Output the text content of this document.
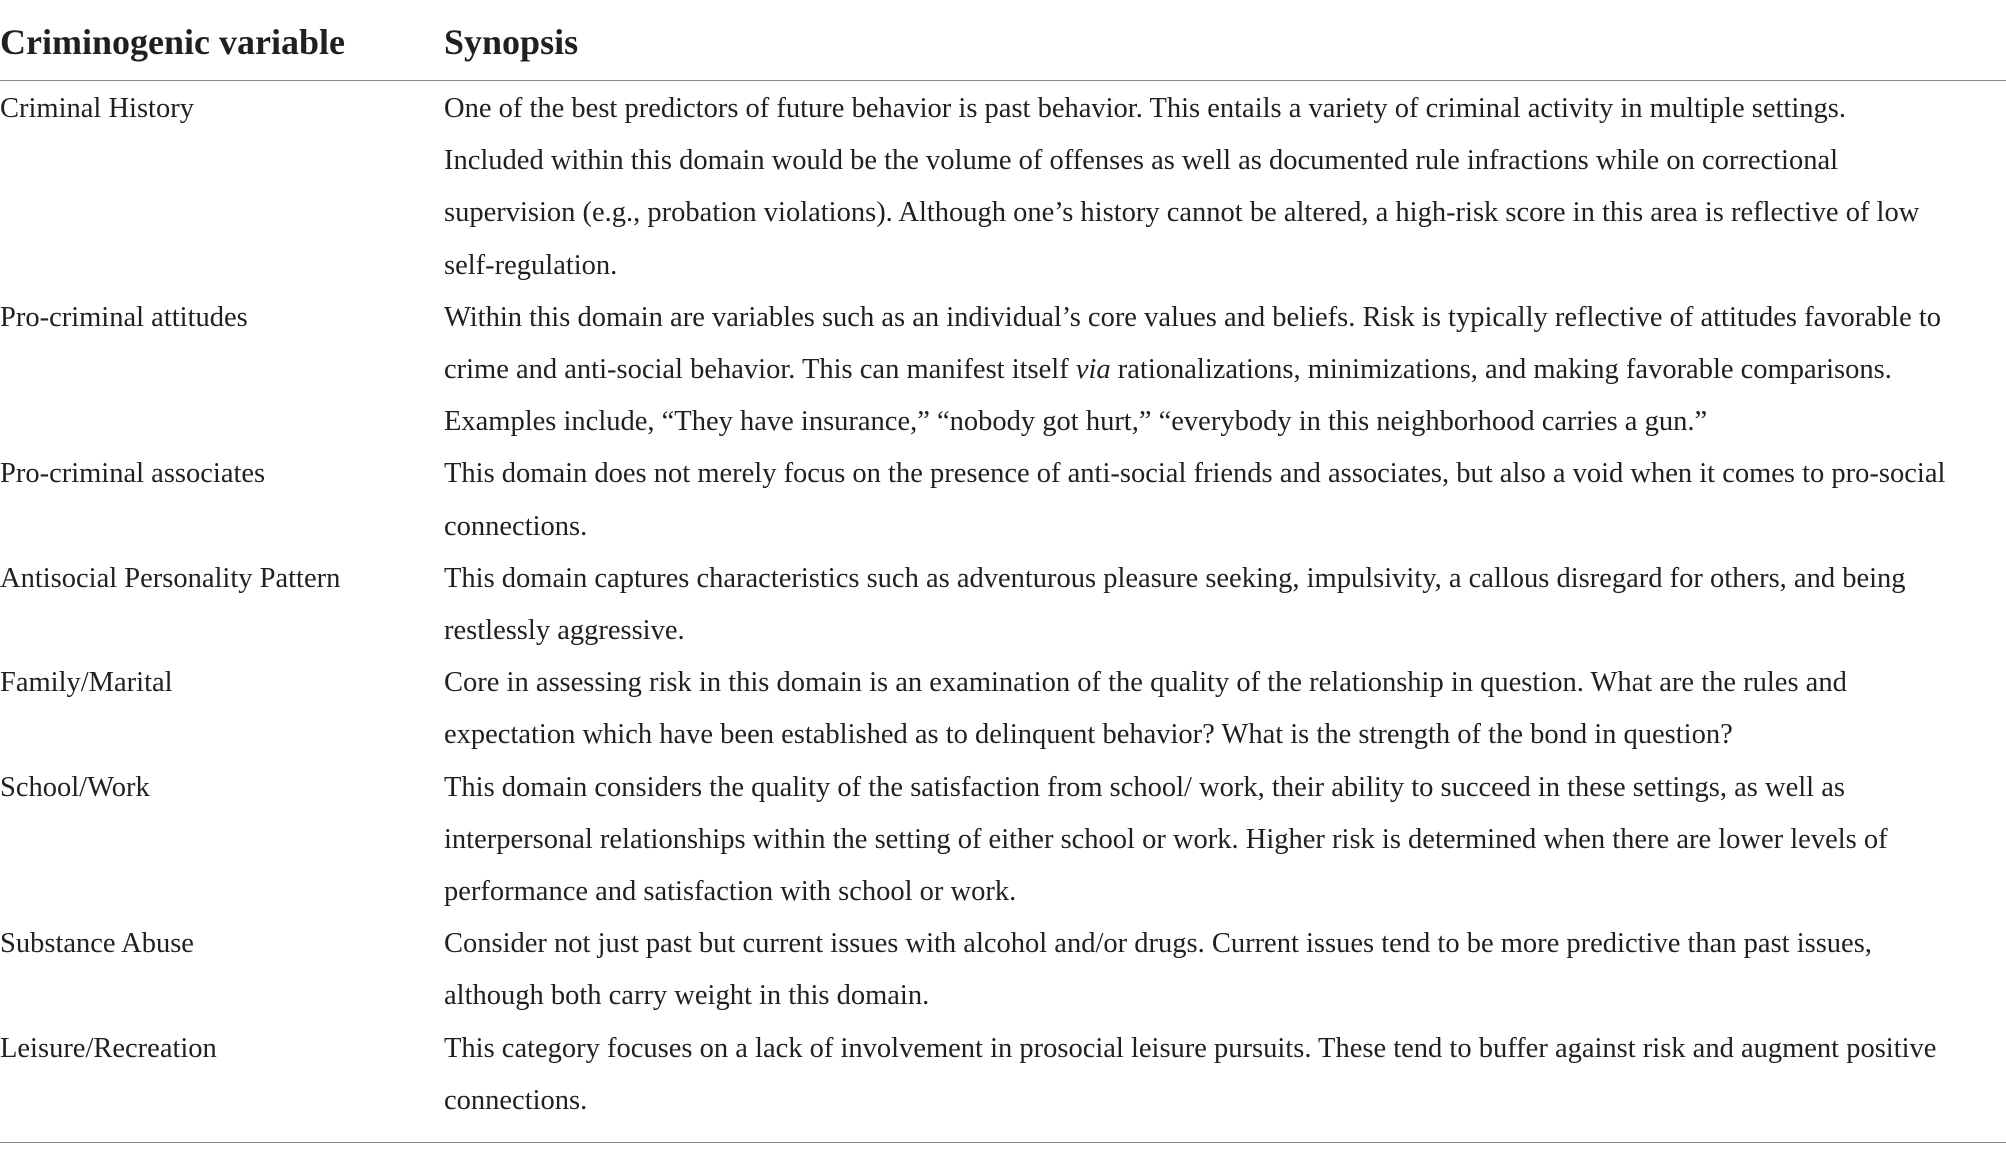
Criminogenic variable	Synopsis
Criminal History	One of the best predictors of future behavior is past behavior. This entails a variety of criminal activity in multiple settings. Included within this domain would be the volume of offenses as well as documented rule infractions while on correctional supervision (e.g., probation violations). Although one’s history cannot be altered, a high-risk score in this area is reflective of low self-regulation.

Pro-criminal attitudes	Within this domain are variables such as an individual’s core values and beliefs. Risk is typically reflective of attitudes favorable to crime and anti-social behavior. This can manifest itself via rationalizations, minimizations, and making favorable comparisons. Examples include, “They have insurance,” “nobody got hurt,” “everybody in this neighborhood carries a gun.”

Pro-criminal associates	This domain does not merely focus on the presence of anti-social friends and associates, but also a void when it comes to pro-social connections.

Antisocial Personality Pattern	This domain captures characteristics such as adventurous pleasure seeking, impulsivity, a callous disregard for others, and being restlessly aggressive.

Family/Marital	Core in assessing risk in this domain is an examination of the quality of the relationship in question. What are the rules and expectation which have been established as to delinquent behavior? What is the strength of the bond in question?

School/Work	This domain considers the quality of the satisfaction from school/ work, their ability to succeed in these settings, as well as interpersonal relationships within the setting of either school or work. Higher risk is determined when there are lower levels of performance and satisfaction with school or work.

Substance Abuse	Consider not just past but current issues with alcohol and/or drugs. Current issues tend to be more predictive than past issues, although both carry weight in this domain.

Leisure/Recreation	This category focuses on a lack of involvement in prosocial leisure pursuits. These tend to buffer against risk and augment positive connections.
